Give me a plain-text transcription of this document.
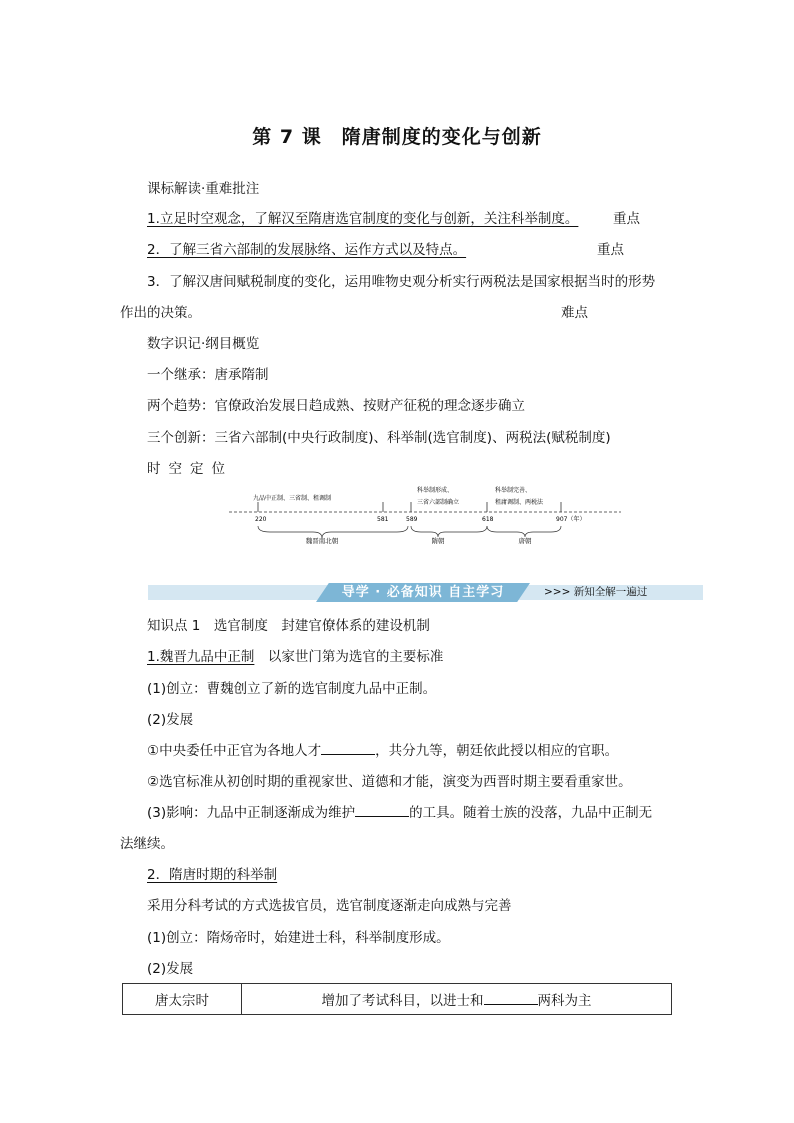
第 7 课　隋唐制度的变化与创新
课标解读·重难批注
1.立足时空观念，了解汉至隋唐选官制度的变化与创新，关注科举制度。	重点
2．了解三省六部制的发展脉络、运作方式以及特点。	重点
3．了解汉唐间赋税制度的变化，运用唯物史观分析实行两税法是国家根据当时的形势
作出的决策。	难点
数字识记·纲目概览
一个继承：唐承隋制
两个趋势：官僚政治发展日趋成熟、按财产征税的理念逐步确立
三个创新：三省六部制(中央行政制度)、科举制(选官制度)、两税法(赋税制度)
时空定位
九品中正制、三省制、租调制
科举制形成、
三省六部制确立
科举制完善、
租庸调制、两税法
220	581	589	618	907（年）
魏晋南北朝	隋朝	唐朝
导学 · 必备知识 自主学习	>>> 新知全解一遍过
知识点 1　选官制度　封建官僚体系的建设机制
1.魏晋九品中正制　以家世门第为选官的主要标准
(1)创立：曹魏创立了新的选官制度九品中正制。
(2)发展
①中央委任中正官为各地人才	，共分九等，朝廷依此授以相应的官职。
②选官标准从初创时期的重视家世、道德和才能，演变为西晋时期主要看重家世。
(3)影响：九品中正制逐渐成为维护	的工具。随着士族的没落，九品中正制无
法继续。
2．隋唐时期的科举制
采用分科考试的方式选拔官员，选官制度逐渐走向成熟与完善
(1)创立：隋炀帝时，始建进士科，科举制度形成。
(2)发展
唐太宗时	增加了考试科目，以进士和	两科为主
